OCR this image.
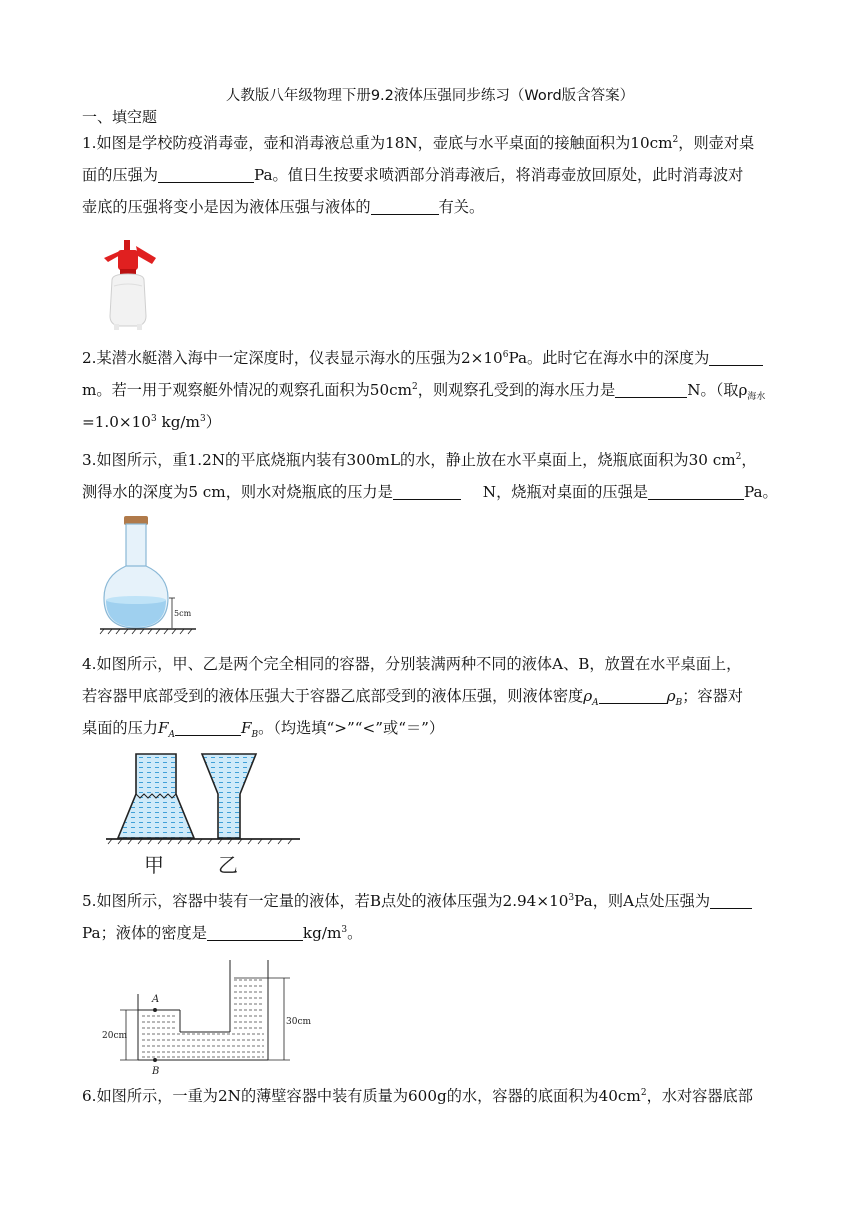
人教版八年级物理下册9.2液体压强同步练习（Word版含答案）
一、填空题
1.如图是学校防疫消毒壶，壶和消毒液总重为18N，壶底与水平桌面的接触面积为$10cm^2$，则壶对桌
面的压强为	Pa。值日生按要求喷洒部分消毒液后，将消毒壶放回原处，此时消毒波对
壶底的压强将变小是因为液体压强与液体的	有关。
2.某潜水艇潜入海中一定深度时，仪表显示海水的压强为$2\times 10^6Pa$。此时它在海水中的深度为
m。若一用于观察艇外情况的观察孔面积为$50cm^2$，则观察孔受到的海水压力是	N。（取$\rho_{海水}$
$=1.0\times 10^3$ $kg/m^3$）
3.如图所示，重1.2N的平底烧瓶内装有300mL的水，静止放在水平桌面上，烧瓶底面积为30 $cm^2$，
测得水的深度为5 cm，则水对烧瓶底的压力是	N，烧瓶对桌面的压强是	Pa。
5cm
4.如图所示，甲、乙是两个完全相同的容器，分别装满两种不同的液体A、B，放置在水平桌面上，
若容器甲底部受到的液体压强大于容器乙底部受到的液体压强，则液体密度$\rho_A$	$\rho_B$；容器对
桌面的压力$F_A$	$F_B$。（均选填“>”“<”或“＝”）
甲	乙
5.如图所示，容器中装有一定量的液体，若B点处的液体压强为$2.94\times 10^3Pa$，则A点处压强为
Pa；液体的密度是	$kg/m^3$。
A
B
20cm
30cm
6.如图所示，一重为2N的薄壁容器中装有质量为600g的水，容器的底面积为$40cm^2$，水对容器底部
